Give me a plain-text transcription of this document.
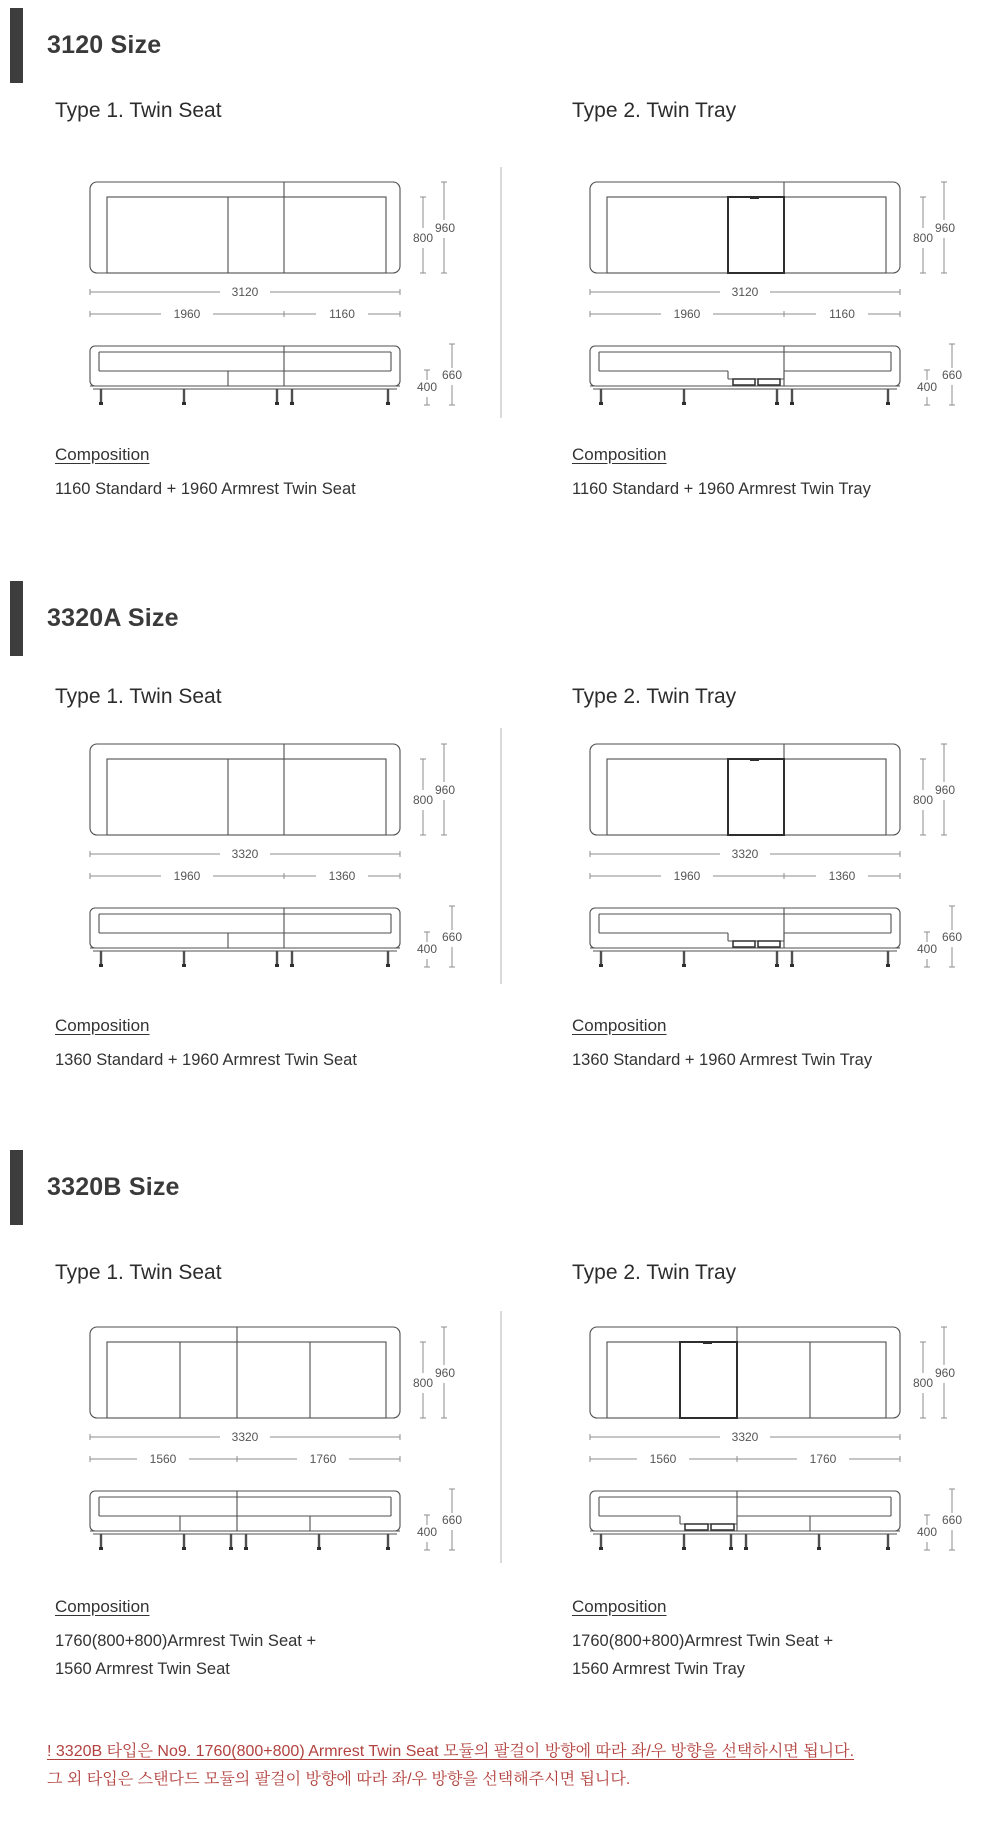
3120 Size
Type 1. Twin Seat
800
960
3120
1960	1160
660
400
Type 2. Twin Tray
800
960
3120
1960	1160
660
400
Composition
1160 Standard + 1960 Armrest Twin Seat
Composition
1160 Standard + 1960 Armrest Twin Tray
3320A Size
Type 1. Twin Seat
800
960
3320
1960	1360
660
400
Type 2. Twin Tray
800
960
3320
1960	1360
660
400
Composition
1360 Standard + 1960 Armrest Twin Seat
Composition
1360 Standard + 1960 Armrest Twin Tray
3320B Size
Type 1. Twin Seat
800
960
3320
1560	1760
660
400
Type 2. Twin Tray
800
960
3320
1560	1760
660
400
Composition
1760(800+800)Armrest Twin Seat +
1560 Armrest Twin Seat
Composition
1760(800+800)Armrest Twin Seat +
1560 Armrest Twin Tray
! 3320B 타입은 No9. 1760(800+800) Armrest Twin Seat 모듈의 팔걸이 방향에 따라 좌/우 방향을 선택하시면 됩니다.
그 외 타입은 스탠다드 모듈의 팔걸이 방향에 따라 좌/우 방향을 선택해주시면 됩니다.
